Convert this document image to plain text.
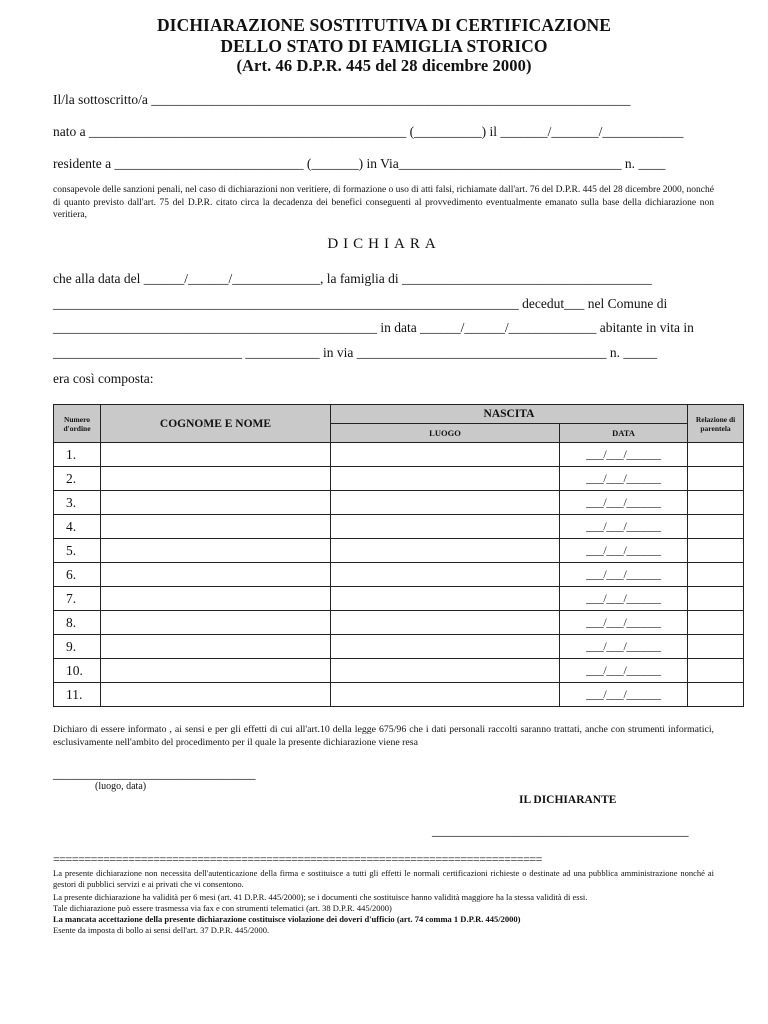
DICHIARAZIONE SOSTITUTIVA DI CERTIFICAZIONE
DELLO STATO DI FAMIGLIA STORICO
(Art. 46 D.P.R. 445 del 28 dicembre 2000)
Il/la sottoscritto/a _______________________________________________________________________
nato a _______________________________________________ (__________) il _______/_______/____________
residente a ____________________________ (_______) in Via_________________________________ n. ____
consapevole delle sanzioni penali, nel caso di dichiarazioni non veritiere, di formazione o uso di atti falsi, richiamate dall'art. 76 del D.P.R. 445 del 28 dicembre 2000, nonché di quanto previsto dall'art. 75 del D.P.R. citato circa la decadenza dei benefici conseguenti al provvedimento eventualmente emanato sulla base della dichiarazione non veritiera,
DICHIARA
che alla data del ______/______/_____________, la famiglia di _____________________________________
_____________________________________________________________________ decedut___ nel Comune di
________________________________________________ in data ______/______/_____________ abitante in vita in
____________________________ ___________ in via _____________________________________ n. _____
era così composta:
Numero d'ordine	COGNOME E NOME	NASCITA		Relazione di parentela
		LUOGO	DATA	
1.			___/___/______	
2.			___/___/______	
3.			___/___/______	
4.			___/___/______	
5.			___/___/______	
6.			___/___/______	
7.			___/___/______	
8.			___/___/______	
9.			___/___/______	
10.			___/___/______	
11.			___/___/______	
Dichiaro di essere informato , ai sensi e per gli effetti di cui all'art.10 della legge 675/96 che i dati personali raccolti saranno trattati, anche con strumenti informatici, esclusivamente nell'ambito del procedimento per il quale la presente dichiarazione viene resa
______________________________
(luogo, data)
IL DICHIARANTE
______________________________________
==============================================================================
La presente dichiarazione non necessita dell'autenticazione della firma e sostituisce a tutti gli effetti le normali certificazioni richieste o destinate ad una pubblica amministrazione nonché ai gestori di pubblici servizi e ai privati che vi consentono.
La presente dichiarazione ha validità per 6 mesi (art. 41 D.P.R. 445/2000); se i documenti che sostituisce hanno validità maggiore ha la stessa validità di essi.
Tale dichiarazione può essere trasmessa via fax e con strumenti telematici (art. 38 D.P.R. 445/2000)
La mancata accettazione della presente dichiarazione costituisce violazione dei doveri d'ufficio (art. 74 comma 1 D.P.R. 445/2000)
Esente da imposta di bollo ai sensi dell'art. 37 D.P.R. 445/2000.
